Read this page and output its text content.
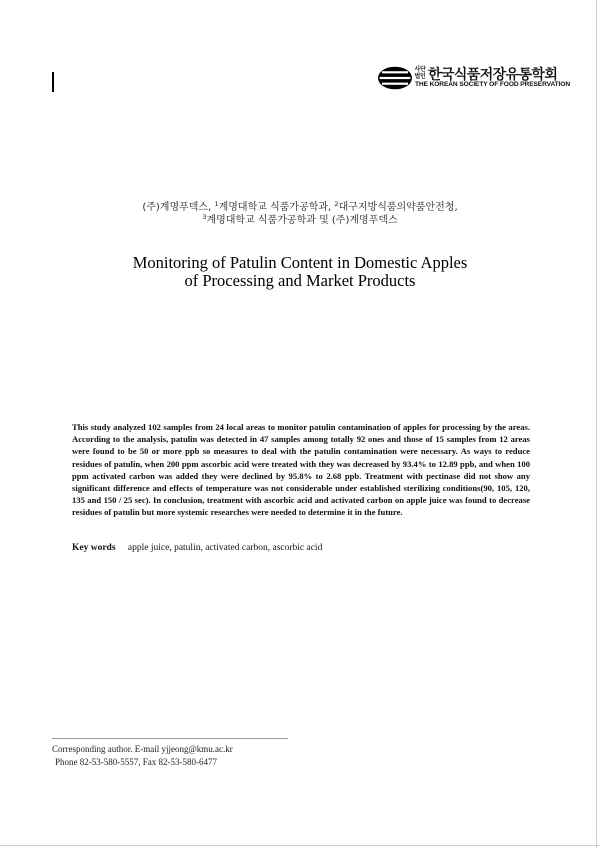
사단법인 한국식품저장유통학회
THE KOREAN SOCIETY OF FOOD PRESERVATION
(주)계명푸덱스, $^1$계명대학교 식품가공학과, $^2$대구지방식품의약품안전청,
$^3$계명대학교 식품가공학과 및 (주)계명푸덱스
Monitoring of Patulin Content in Domestic Apples
of Processing and Market Products
This study analyzed 102 samples from 24 local areas to monitor patulin contamination of apples for processing by the areas. According to the analysis, patulin was detected in 47 samples among totally 92 ones and those of 15 samples from 12 areas were found to be 50 or more ppb so measures to deal with the patulin contamination were necessary. As ways to reduce residues of patulin, when 200 ppm ascorbic acid were treated with they was decreased by 93.4% to 12.89 ppb, and when 100 ppm activated carbon was added they were declined by 95.8% to 2.68 ppb. Treatment with pectinase did not show any significant difference and effects of temperature was not considerable under established sterilizing conditions(90, 105, 120, 135 and 150 / 25 sec). In conclusion, treatment with ascorbic acid and activated carbon on apple juice was found to decrease residues of patulin but more systemic researches were needed to determine it in the future.
Key words apple juice, patulin, activated carbon, ascorbic acid
Corresponding author. E-mail yjjeong@kmu.ac.kr
Phone 82-53-580-5557, Fax 82-53-580-6477
